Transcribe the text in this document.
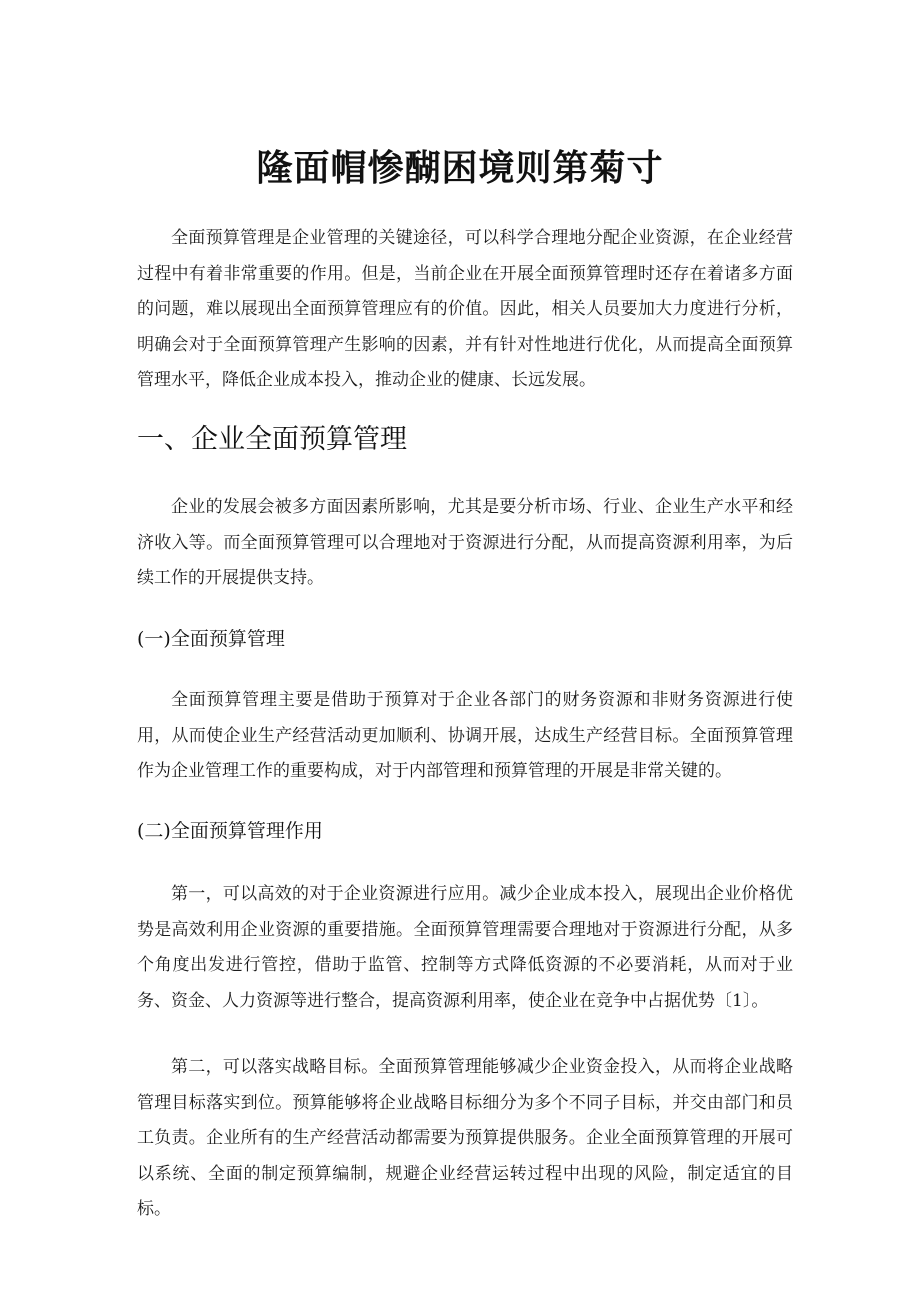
隆面帽惨醐困境则第菊寸

全面预算管理是企业管理的关键途径，可以科学合理地分配企业资源，在企业经营过程中有着非常重要的作用。但是，当前企业在开展全面预算管理时还存在着诸多方面的问题，难以展现出全面预算管理应有的价值。因此，相关人员要加大力度进行分析，明确会对于全面预算管理产生影响的因素，并有针对性地进行优化，从而提高全面预算管理水平，降低企业成本投入，推动企业的健康、长远发展。

一、企业全面预算管理

企业的发展会被多方面因素所影响，尤其是要分析市场、行业、企业生产水平和经济收入等。而全面预算管理可以合理地对于资源进行分配，从而提高资源利用率，为后续工作的开展提供支持。

(一)全面预算管理

全面预算管理主要是借助于预算对于企业各部门的财务资源和非财务资源进行使用，从而使企业生产经营活动更加顺利、协调开展，达成生产经营目标。全面预算管理作为企业管理工作的重要构成，对于内部管理和预算管理的开展是非常关键的。

(二)全面预算管理作用

第一，可以高效的对于企业资源进行应用。减少企业成本投入，展现出企业价格优势是高效利用企业资源的重要措施。全面预算管理需要合理地对于资源进行分配，从多个角度出发进行管控，借助于监管、控制等方式降低资源的不必要消耗，从而对于业务、资金、人力资源等进行整合，提高资源利用率，使企业在竞争中占据优势〔1〕。

第二，可以落实战略目标。全面预算管理能够减少企业资金投入，从而将企业战略管理目标落实到位。预算能够将企业战略目标细分为多个不同子目标，并交由部门和员工负责。企业所有的生产经营活动都需要为预算提供服务。企业全面预算管理的开展可以系统、全面的制定预算编制，规避企业经营运转过程中出现的风险，制定适宜的目标。
